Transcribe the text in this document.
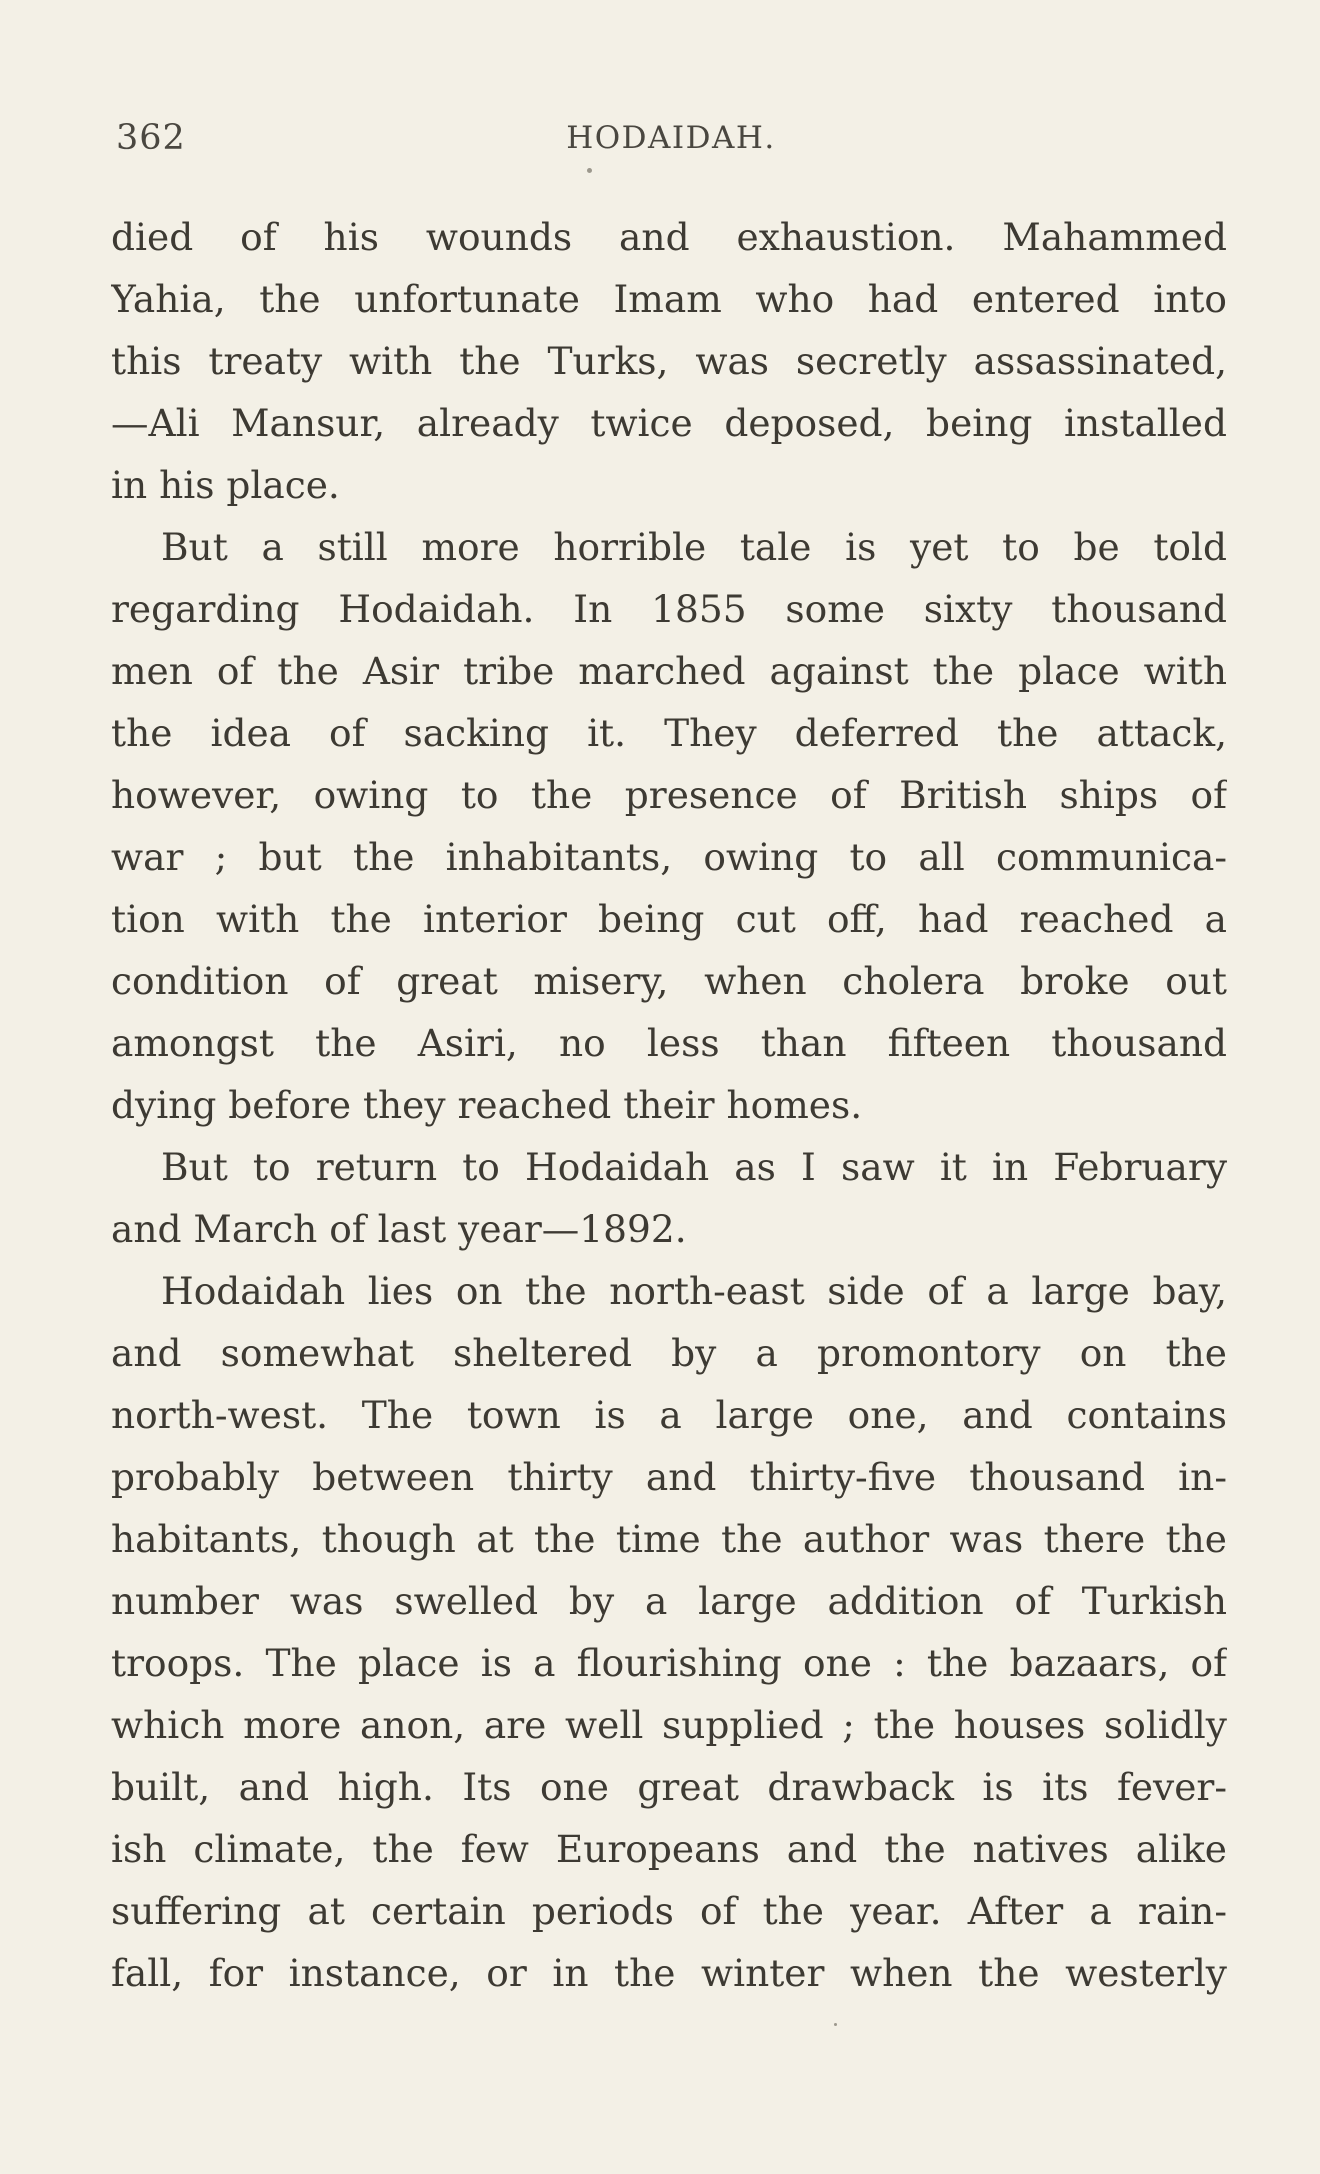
362	HODAIDAH.
died of his wounds and exhaustion. Mahammed
Yahia, the unfortunate Imam who had entered into
this treaty with the Turks, was secretly assassinated,
—Ali Mansur, already twice deposed, being installed
in his place.
But a still more horrible tale is yet to be told
regarding Hodaidah. In 1855 some sixty thousand
men of the Asir tribe marched against the place with
the idea of sacking it. They deferred the attack,
however, owing to the presence of British ships of
war ; but the inhabitants, owing to all communica-
tion with the interior being cut off, had reached a
condition of great misery, when cholera broke out
amongst the Asiri, no less than fifteen thousand
dying before they reached their homes.
But to return to Hodaidah as I saw it in February
and March of last year—1892.
Hodaidah lies on the north-east side of a large bay,
and somewhat sheltered by a promontory on the
north-west. The town is a large one, and contains
probably between thirty and thirty-five thousand in-
habitants, though at the time the author was there the
number was swelled by a large addition of Turkish
troops. The place is a flourishing one : the bazaars, of
which more anon, are well supplied ; the houses solidly
built, and high. Its one great drawback is its fever-
ish climate, the few Europeans and the natives alike
suffering at certain periods of the year. After a rain-
fall, for instance, or in the winter when the westerly
